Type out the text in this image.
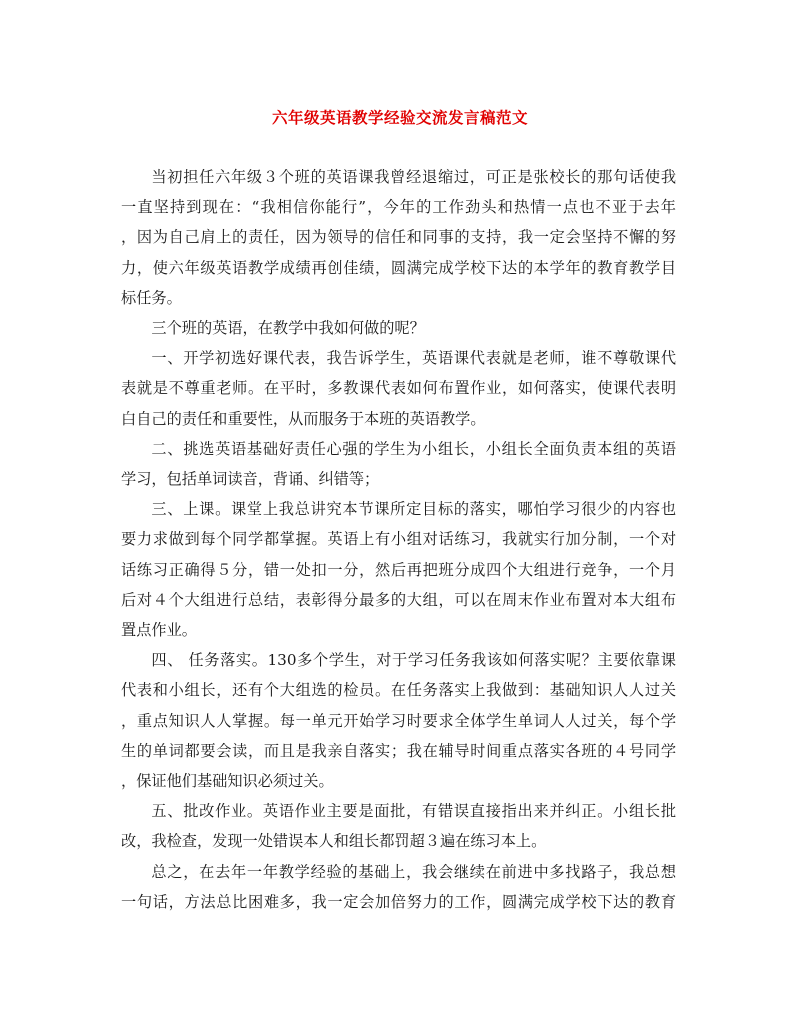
六年级英语教学经验交流发言稿范文
当初担任六年级３个班的英语课我曾经退缩过，可正是张校长的那句话使我
一直坚持到现在：“我相信你能行”，今年的工作劲头和热情一点也不亚于去年
，因为自己肩上的责任，因为领导的信任和同事的支持，我一定会坚持不懈的努
力，使六年级英语教学成绩再创佳绩，圆满完成学校下达的本学年的教育教学目
标任务。
三个班的英语，在教学中我如何做的呢？
一、开学初选好课代表，我告诉学生，英语课代表就是老师，谁不尊敬课代
表就是不尊重老师。在平时，多教课代表如何布置作业，如何落实，使课代表明
白自己的责任和重要性，从而服务于本班的英语教学。
二、挑选英语基础好责任心强的学生为小组长，小组长全面负责本组的英语
学习，包括单词读音，背诵、纠错等；
三、上课。课堂上我总讲究本节课所定目标的落实，哪怕学习很少的内容也
要力求做到每个同学都掌握。英语上有小组对话练习，我就实行加分制，一个对
话练习正确得５分，错一处扣一分，然后再把班分成四个大组进行竞争，一个月
后对４个大组进行总结，表彰得分最多的大组，可以在周末作业布置对本大组布
置点作业。
四、 任务落实。130多个学生，对于学习任务我该如何落实呢？主要依靠课
代表和小组长，还有个大组选的检员。在任务落实上我做到：基础知识人人过关
，重点知识人人掌握。每一单元开始学习时要求全体学生单词人人过关，每个学
生的单词都要会读，而且是我亲自落实；我在辅导时间重点落实各班的４号同学
，保证他们基础知识必须过关。
五、批改作业。英语作业主要是面批，有错误直接指出来并纠正。小组长批
改，我检查，发现一处错误本人和组长都罚超３遍在练习本上。
总之，在去年一年教学经验的基础上，我会继续在前进中多找路子，我总想
一句话，方法总比困难多，我一定会加倍努力的工作，圆满完成学校下达的教育
